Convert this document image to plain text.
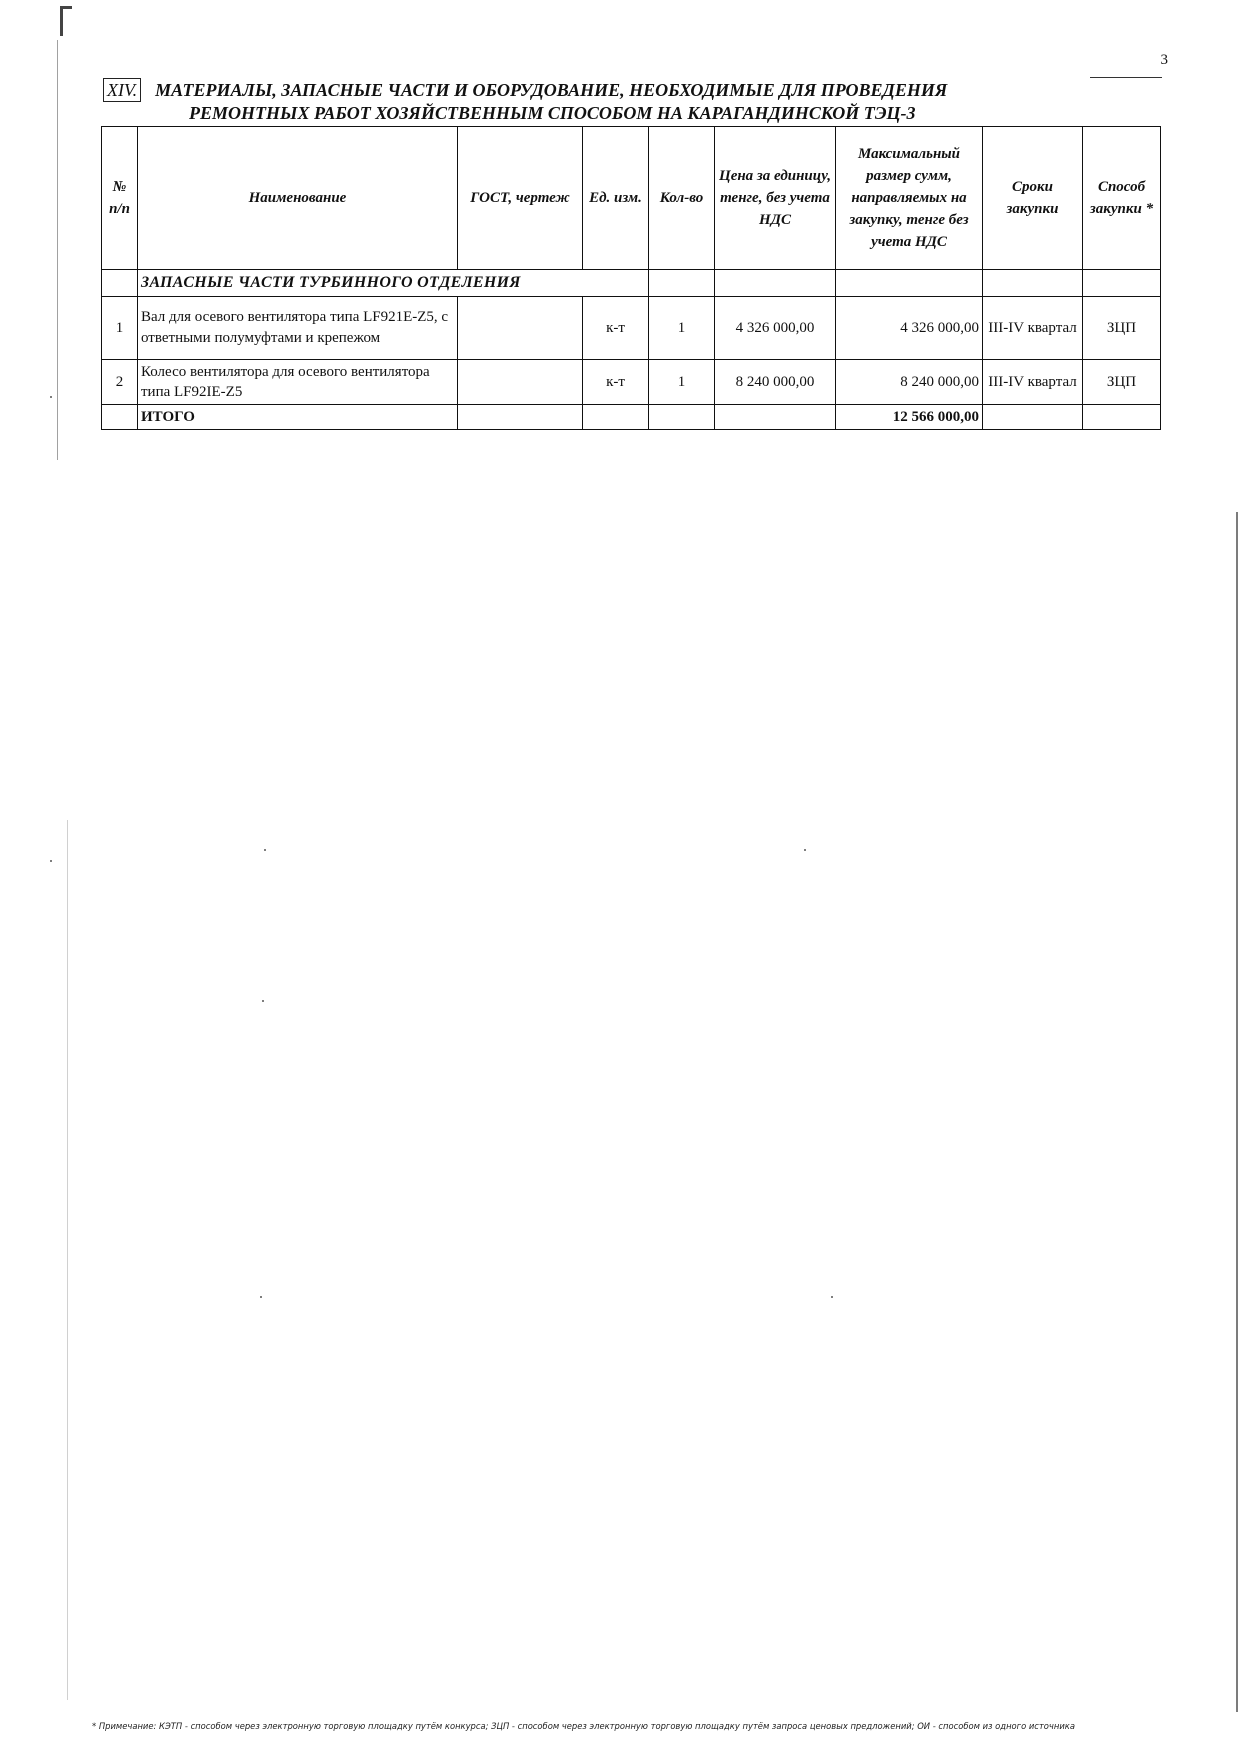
3
XIV. МАТЕРИАЛЫ, ЗАПАСНЫЕ ЧАСТИ И ОБОРУДОВАНИЕ, НЕОБХОДИМЫЕ ДЛЯ ПРОВЕДЕНИЯ
РЕМОНТНЫХ РАБОТ ХОЗЯЙСТВЕННЫМ СПОСОБОМ НА КАРАГАНДИНСКОЙ ТЭЦ-3
№ п/п	Наименование	ГОСТ, чертеж	Ед. изм.	Кол-во	Цена за единицу, тенге, без учета НДС	Максимальный размер сумм, направляемых на закупку, тенге без учета НДС	Сроки закупки	Способ закупки *
	ЗАПАСНЫЕ ЧАСТИ ТУРБИННОГО ОТДЕЛЕНИЯ							
1	Вал для осевого вентилятора типа LF921E-Z5, с ответными полумуфтами и крепежом		к-т	1	4 326 000,00	4 326 000,00	III-IV квартал	ЗЦП
2	Колесо вентилятора для осевого вентилятора типа LF92IE-Z5		к-т	1	8 240 000,00	8 240 000,00	III-IV квартал	ЗЦП
	ИТОГО					12 566 000,00		
* Примечание: КЭТП - способом через электронную торговую площадку путём конкурса; ЗЦП - способом через электронную торговую площадку путём запроса ценовых предложений; ОИ - способом из одного источника
